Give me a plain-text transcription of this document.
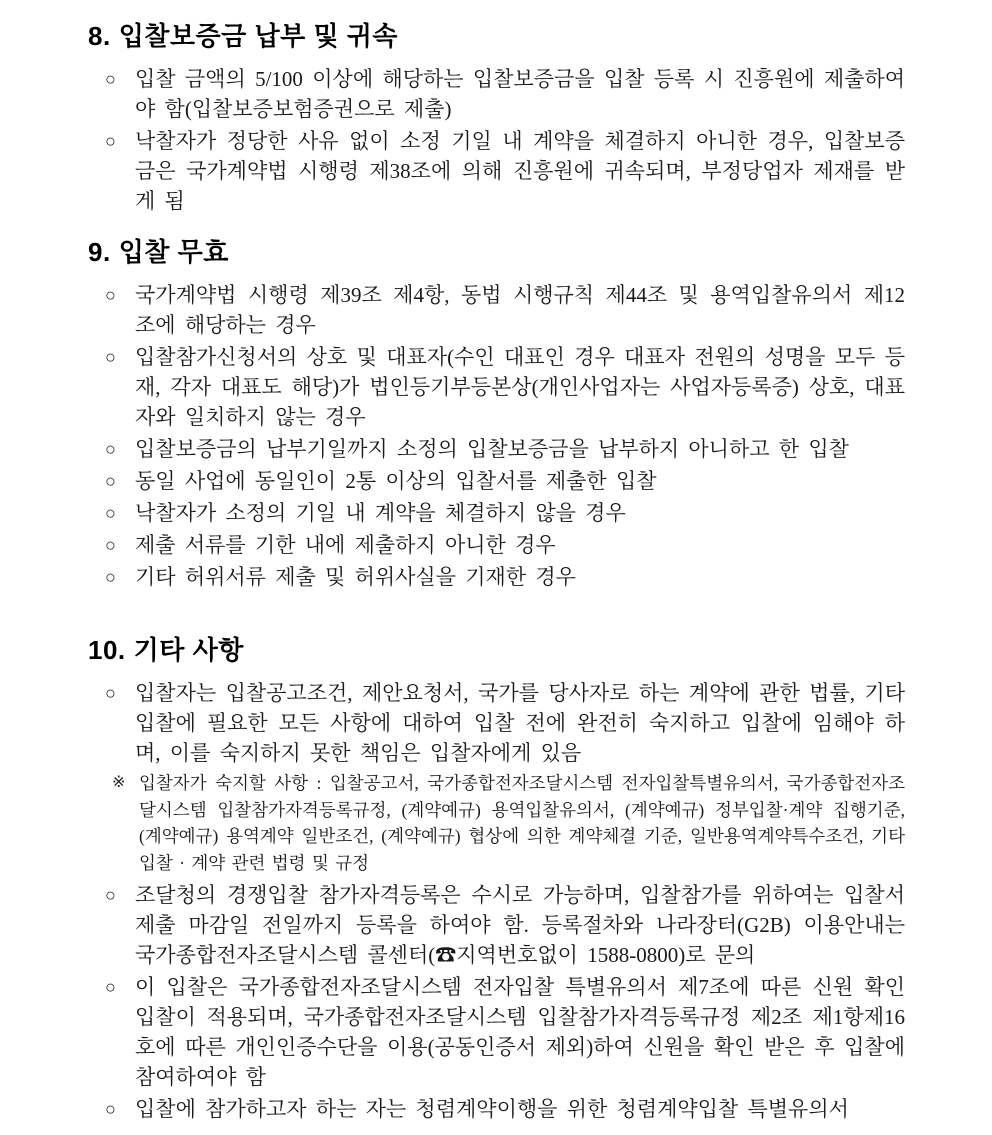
8. 입찰보증금 납부 및 귀속
○ 입찰 금액의 5/100 이상에 해당하는 입찰보증금을 입찰 등록 시 진흥원에 제출하여야 함(입찰보증보험증권으로 제출)

○ 낙찰자가 정당한 사유 없이 소정 기일 내 계약을 체결하지 아니한 경우, 입찰보증금은 국가계약법 시행령 제38조에 의해 진흥원에 귀속되며, 부정당업자 제재를 받게 됨

9. 입찰 무효
○ 국가계약법 시행령 제39조 제4항, 동법 시행규칙 제44조 및 용역입찰유의서 제12조에 해당하는 경우

○ 입찰참가신청서의 상호 및 대표자(수인 대표인 경우 대표자 전원의 성명을 모두 등재, 각자 대표도 해당)가 법인등기부등본상(개인사업자는 사업자등록증) 상호, 대표자와 일치하지 않는 경우

○ 입찰보증금의 납부기일까지 소정의 입찰보증금을 납부하지 아니하고 한 입찰

○ 동일 사업에 동일인이 2통 이상의 입찰서를 제출한 입찰

○ 낙찰자가 소정의 기일 내 계약을 체결하지 않을 경우

○ 제출 서류를 기한 내에 제출하지 아니한 경우

○ 기타 허위서류 제출 및 허위사실을 기재한 경우

10. 기타 사항
○ 입찰자는 입찰공고조건, 제안요청서, 국가를 당사자로 하는 계약에 관한 법률, 기타 입찰에 필요한 모든 사항에 대하여 입찰 전에 완전히 숙지하고 입찰에 임해야 하며, 이를 숙지하지 못한 책임은 입찰자에게 있음

※ 입찰자가 숙지할 사항 : 입찰공고서, 국가종합전자조달시스템 전자입찰특별유의서, 국가종합전자조달시스템 입찰참가자격등록규정, (계약예규) 용역입찰유의서, (계약예규) 정부입찰·계약 집행기준, (계약예규) 용역계약 일반조건, (계약예규) 협상에 의한 계약체결 기준, 일반용역계약특수조건, 기타 입찰 · 계약 관련 법령 및 규정

○ 조달청의 경쟁입찰 참가자격등록은 수시로 가능하며, 입찰참가를 위하여는 입찰서 제출 마감일 전일까지 등록을 하여야 함. 등록절차와 나라장터(G2B) 이용안내는 국가종합전자조달시스템 콜센터(☎지역번호없이 1588-0800)로 문의

○ 이 입찰은 국가종합전자조달시스템 전자입찰 특별유의서 제7조에 따른 신원 확인 입찰이 적용되며, 국가종합전자조달시스템 입찰참가자격등록규정 제2조 제1항제16호에 따른 개인인증수단을 이용(공동인증서 제외)하여 신원을 확인 받은 후 입찰에 참여하여야 함

○ 입찰에 참가하고자 하는 자는 청렴계약이행을 위한 청렴계약입찰 특별유의서
